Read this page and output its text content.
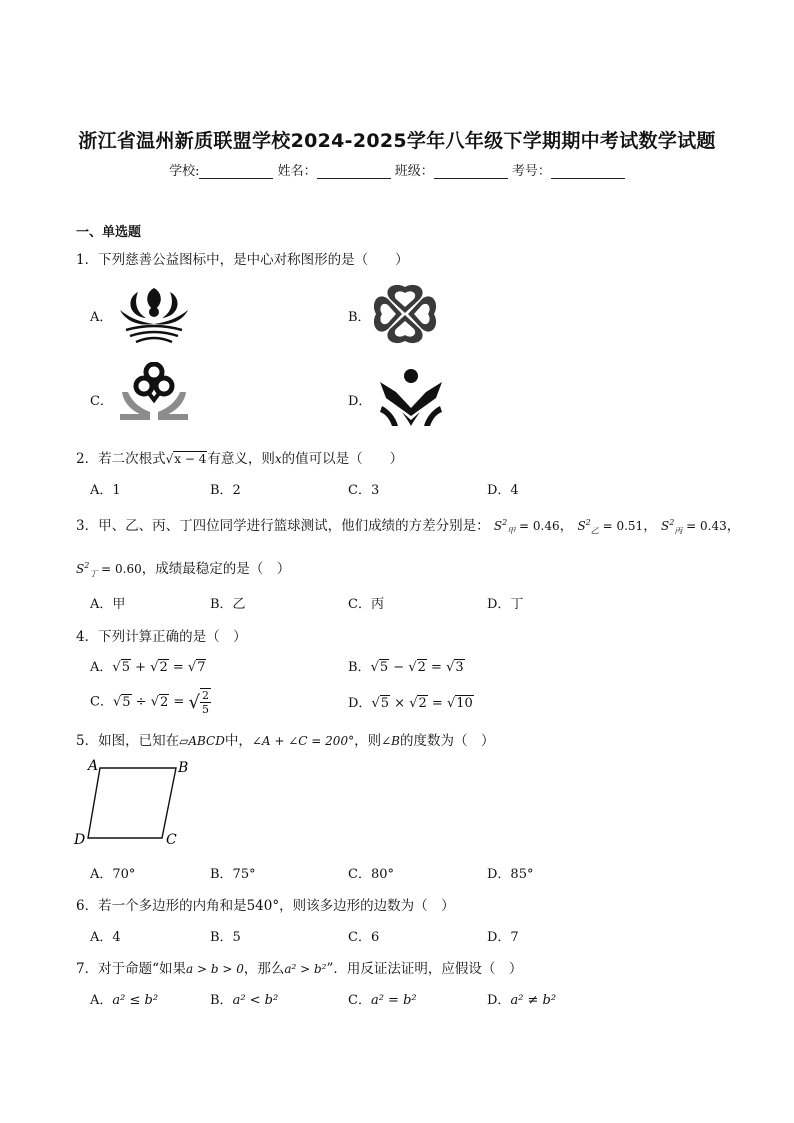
浙江省温州新质联盟学校2024-2025学年八年级下学期期中考试数学试题
学校:	姓名：	班级：	考号：
一、单选题
1．下列慈善公益图标中，是中心对称图形的是（　　）
A．	B．
C．	D．
2．若二次根式√x − 4有意义，则x的值可以是（　　）
A．1	B．2	C．3	D．4
3．甲、乙、丙、丁四位同学进行篮球测试，他们成绩的方差分别是： $S^2_甲 = 0.46$， $S^2_乙 = 0.51$， $S^2_丙 = 0.43$，
$S^2_丁 = 0.60$，成绩最稳定的是（　）
A．甲	B．乙	C．丙	D．丁
4．下列计算正确的是（　）
A．√5 + √2 = √7	B．√5 − √2 = √3
C．√5 ÷ √2 = √ $\frac{2}{5}$	D．√5 × √2 = √10
5．如图，已知在▱ABCD中，∠A + ∠C = 200°，则∠B的度数为（　）
A	B
C
D
A．70°	B．75°	C．80°	D．85°
6．若一个多边形的内角和是540°，则该多边形的边数为（　）
A．4	B．5	C．6	D．7
7．对于命题“如果a > b > 0，那么a² > b²”．用反证法证明，应假设（　）
A．a² ≤ b²	B．a² < b²	C．a² = b²	D．a² ≠ b²
